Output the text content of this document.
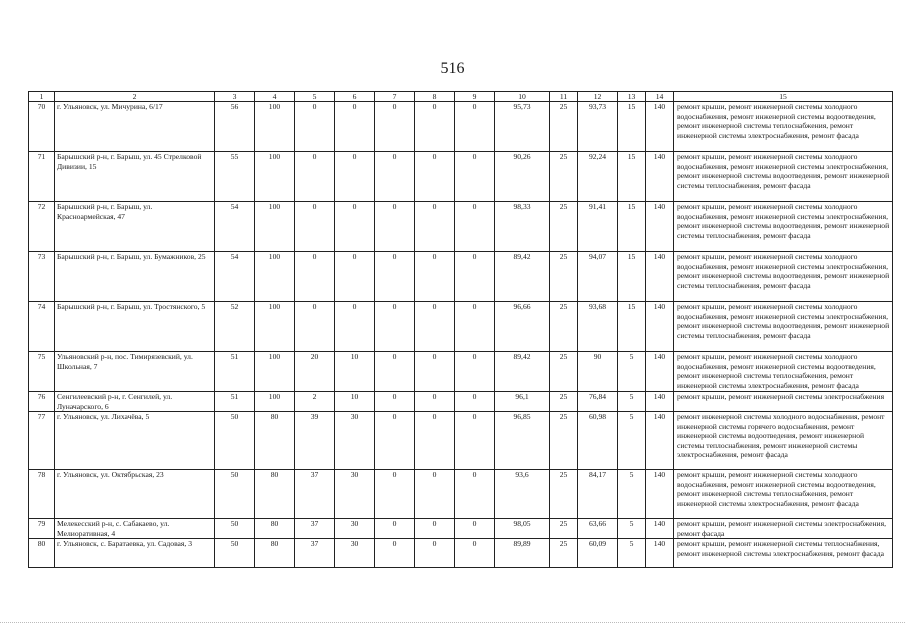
516
1	2	3	4	5	6	7	8	9	10	11	12	13	14	15
70	г. Ульяновск, ул. Мичурина, 6/17	56	100	0	0	0	0	0	95,73	25	93,73	15	140	ремонт крыши, ремонт инженерной системы холодного водоснабжения, ремонт инженерной системы водоотведения, ремонт инженерной системы теплоснабжения, ремонт инженерной системы электроснабжения, ремонт фасада
71	Барышский р-н, г. Барыш, ул. 45 Стрелковой Дивизии, 15	55	100	0	0	0	0	0	90,26	25	92,24	15	140	ремонт крыши, ремонт инженерной системы холодного водоснабжения, ремонт инженерной системы электроснабжения, ремонт инженерной системы водоотведения, ремонт инженерной системы теплоснабжения, ремонт фасада
72	Барышский р-н, г. Барыш, ул. Красноармейская, 47	54	100	0	0	0	0	0	98,33	25	91,41	15	140	ремонт крыши, ремонт инженерной системы холодного водоснабжения, ремонт инженерной системы электроснабжения, ремонт инженерной системы водоотведения, ремонт инженерной системы теплоснабжения, ремонт фасада
73	Барышский р-н, г. Барыш, ул. Бумажников, 25	54	100	0	0	0	0	0	89,42	25	94,07	15	140	ремонт крыши, ремонт инженерной системы холодного водоснабжения, ремонт инженерной системы электроснабжения, ремонт инженерной системы водоотведения, ремонт инженерной системы теплоснабжения, ремонт фасада
74	Барышский р-н, г. Барыш, ул. Тростянского, 5	52	100	0	0	0	0	0	96,66	25	93,68	15	140	ремонт крыши, ремонт инженерной системы холодного водоснабжения, ремонт инженерной системы электроснабжения, ремонт инженерной системы водоотведения, ремонт инженерной системы теплоснабжения, ремонт фасада
75	Ульяновский р-н, пос. Тимирязевский, ул. Школьная, 7	51	100	20	10	0	0	0	89,42	25	90	5	140	ремонт крыши, ремонт инженерной системы холодного водоснабжения, ремонт инженерной системы водоотведения, ремонт инженерной системы теплоснабжения, ремонт инженерной системы электроснабжения, ремонт фасада
76	Сенгилеевский р-н, г. Сенгилей, ул. Луначарского, 6	51	100	2	10	0	0	0	96,1	25	76,84	5	140	ремонт крыши, ремонт инженерной системы электроснабжения
77	г. Ульяновск, ул. Лихачёва, 5	50	80	39	30	0	0	0	96,85	25	60,98	5	140	ремонт инженерной системы холодного водоснабжения, ремонт инженерной системы горячего водоснабжения, ремонт инженерной системы водоотведения, ремонт инженерной системы теплоснабжения, ремонт инженерной системы электроснабжения, ремонт фасада
78	г. Ульяновск, ул. Октябрьская, 23	50	80	37	30	0	0	0	93,6	25	84,17	5	140	ремонт крыши, ремонт инженерной системы холодного водоснабжения, ремонт инженерной системы водоотведения, ремонт инженерной системы теплоснабжения, ремонт инженерной системы электроснабжения, ремонт фасада
79	Мелекесский р-н, с. Сабакаево, ул. Мелиоративная, 4	50	80	37	30	0	0	0	98,05	25	63,66	5	140	ремонт крыши, ремонт инженерной системы электроснабжения, ремонт фасада
80	г. Ульяновск, с. Баратаевка, ул. Садовая, 3	50	80	37	30	0	0	0	89,89	25	60,09	5	140	ремонт крыши, ремонт инженерной системы теплоснабжения, ремонт инженерной системы электроснабжения, ремонт фасада
